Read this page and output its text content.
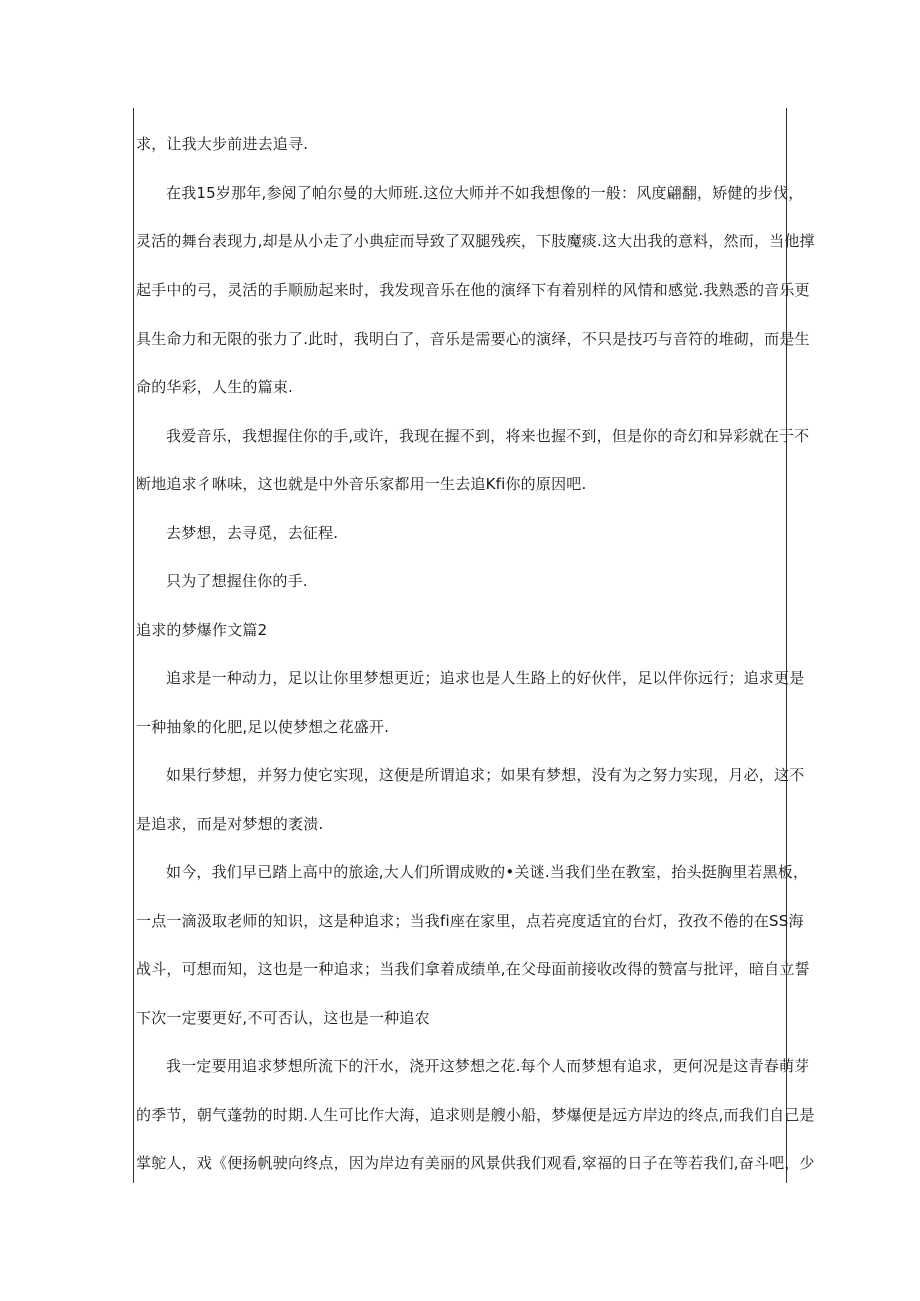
求，让我大步前进去追寻.
在我15岁那年,参阅了帕尔曼的大师班.这位大师并不如我想像的一般：风度翩翻，矫健的步伐，
灵活的舞台表现力,却是从小走了小典症而导致了双腿残疾，下肢魔痰.这大出我的意料，然而，当他撑
起手中的弓，灵活的手顺励起来时，我发现音乐在他的演绎下有着别样的风情和感觉.我熟悉的音乐更
具生命力和无限的张力了.此时，我明白了，音乐是需要心的演绎，不只是技巧与音符的堆砌，而是生
命的华彩，人生的篇束.
我爱音乐，我想握住你的手,或许，我现在握不到，将来也握不到，但是你的奇幻和异彩就在于不
断地追求彳咻味，这也就是中外音乐家都用一生去追Kfi你的原因吧.
去梦想，去寻觅，去征程.
只为了想握住你的手.
追求的梦爆作文篇2
追求是一种动力，足以让你里梦想更近；追求也是人生路上的好伙伴，足以伴你远行；追求更是
一种抽象的化肥,足以使梦想之花盛开.
如果行梦想，并努力使它实现，这便是所谓追求；如果有梦想，没有为之努力实现，月必，这不
是追求，而是对梦想的袤溃.
如今，我们早已踏上高中的旅途,大人们所谓成败的•关谜.当我们坐在教室，抬头挺胸里若黑板，
一点一滴汲取老师的知识，这是种追求；当我fi座在家里，点若亮度适宜的台灯，孜孜不倦的在SS海
战斗，可想而知，这也是一种追求；当我们拿着成绩单,在父母面前接收改得的赞富与批评，暗自立誓
下次一定要更好,不可否认，这也是一种追农
我一定要用追求梦想所流下的汗水，浇开这梦想之花.每个人而梦想有追求，更何况是这青春萌芽
的季节，朝气蓬勃的时期.人生可比作大海，追求则是艘小船，梦爆便是远方岸边的终点,而我们自己是
掌鸵人，戏《便扬帆驶向终点，因为岸边有美丽的风景供我们观看,窣福的日子在等若我们,奋斗吧，少
